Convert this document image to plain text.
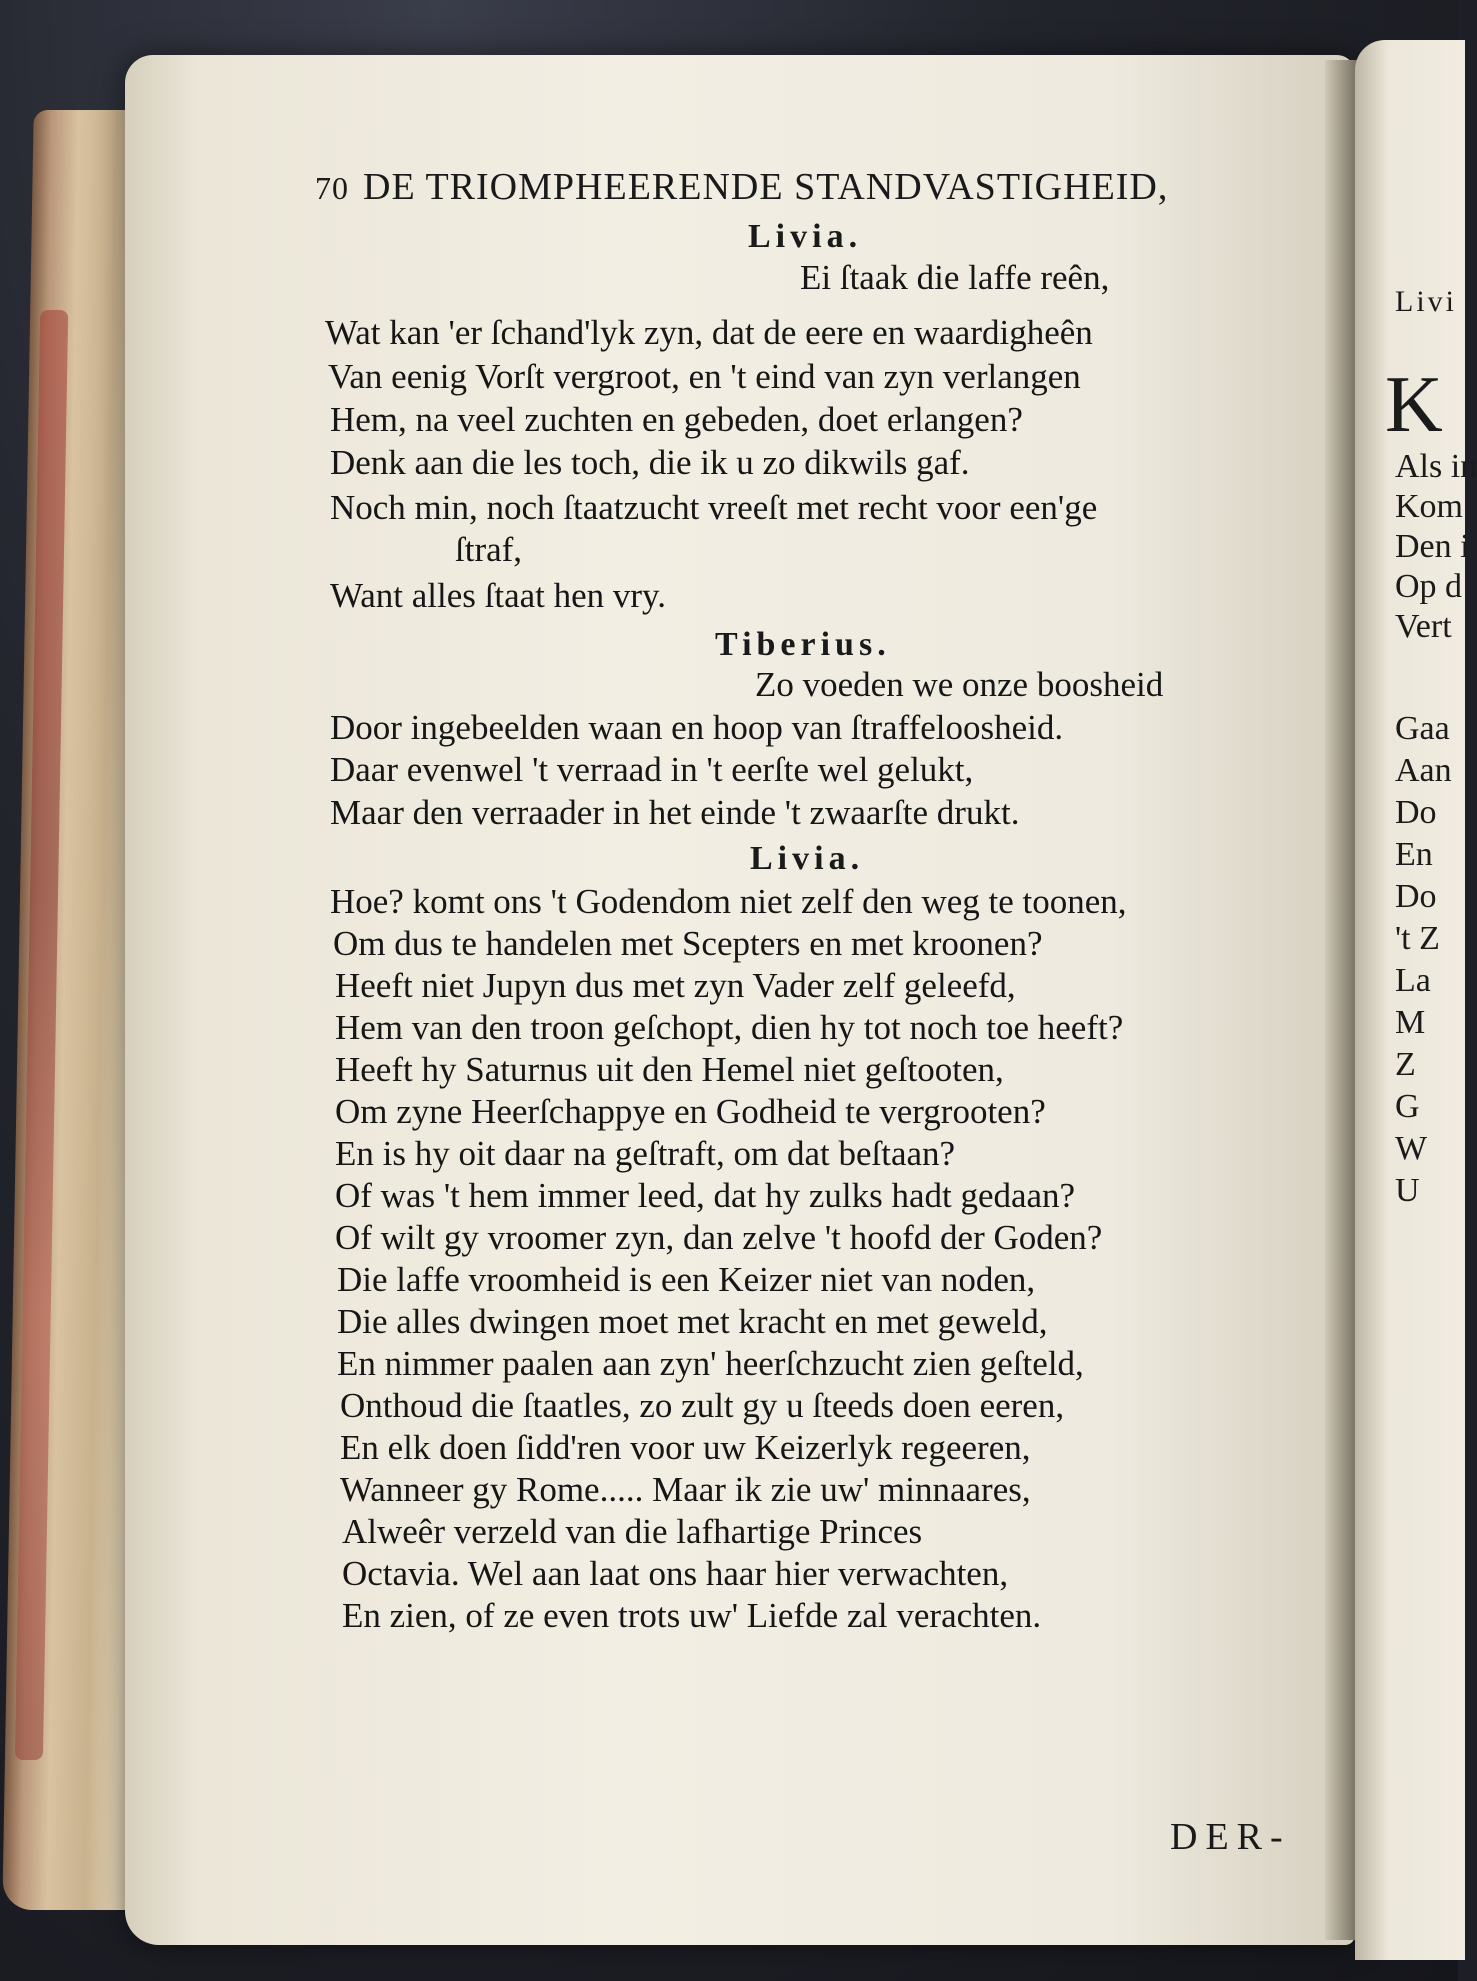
Livi
K
Als in
Kom
Den i
Op d
Vert
Gaa
Aan
Do
En
Do
't Z
La
M
Z
G
W
U
70 DE TRIOMPHEERENDE STANDVASTIGHEID,
Livia.
Ei ſtaak die laffe reên,
Wat kan 'er ſchand'lyk zyn, dat de eere en waardigheên
Van eenig Vorſt vergroot, en 't eind van zyn verlangen
Hem, na veel zuchten en gebeden, doet erlangen?
Denk aan die les toch, die ik u zo dikwils gaf.
Noch min, noch ſtaatzucht vreeſt met recht voor een'ge
ſtraf,
Want alles ſtaat hen vry.
Tiberius.
Zo voeden we onze boosheid
Door ingebeelden waan en hoop van ſtraffeloosheid.
Daar evenwel 't verraad in 't eerſte wel gelukt,
Maar den verraader in het einde 't zwaarſte drukt.
Livia.
Hoe? komt ons 't Godendom niet zelf den weg te toonen,
Om dus te handelen met Scepters en met kroonen?
Heeft niet Jupyn dus met zyn Vader zelf geleefd,
Hem van den troon geſchopt, dien hy tot noch toe heeft?
Heeft hy Saturnus uit den Hemel niet geſtooten,
Om zyne Heerſchappye en Godheid te vergrooten?
En is hy oit daar na geſtraft, om dat beſtaan?
Of was 't hem immer leed, dat hy zulks hadt gedaan?
Of wilt gy vroomer zyn, dan zelve 't hoofd der Goden?
Die laffe vroomheid is een Keizer niet van noden,
Die alles dwingen moet met kracht en met geweld,
En nimmer paalen aan zyn' heerſchzucht zien geſteld,
Onthoud die ſtaatles, zo zult gy u ſteeds doen eeren,
En elk doen ſidd'ren voor uw Keizerlyk regeeren,
Wanneer gy Rome..... Maar ik zie uw' minnaares,
Alweêr verzeld van die lafhartige Princes
Octavia. Wel aan laat ons haar hier verwachten,
En zien, of ze even trots uw' Liefde zal verachten.
DER-
